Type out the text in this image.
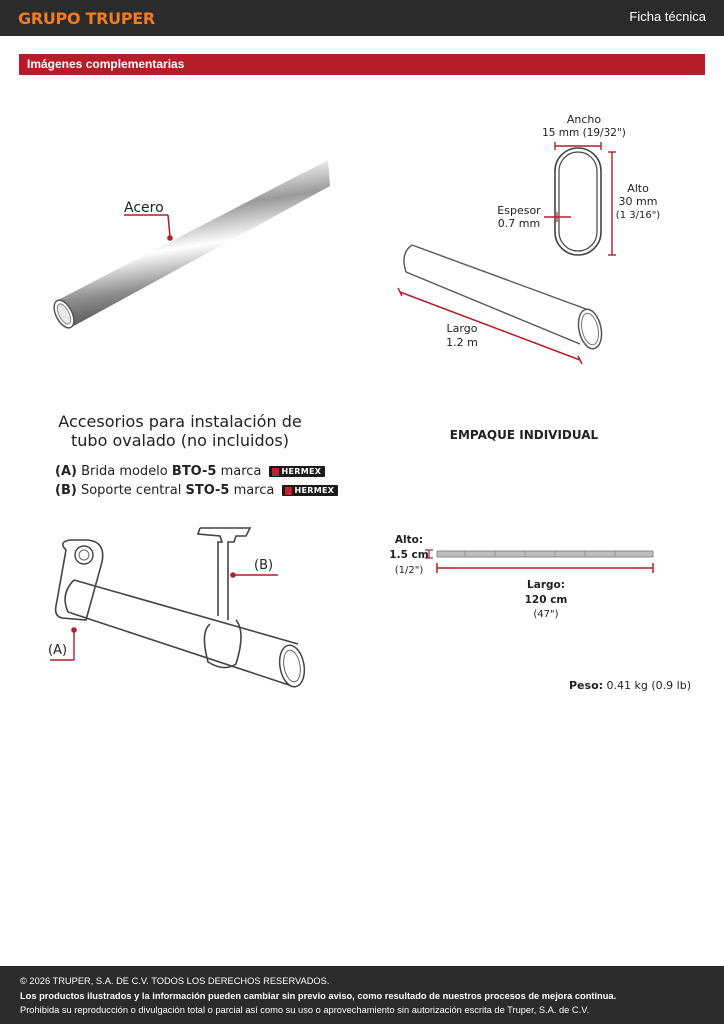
GRUPO TRUPER	Ficha técnica
Imágenes complementarias
Acero
Ancho
15 mm (19/32")
Alto
30 mm
(1 3/16")
Espesor
0.7 mm
Largo
1.2 m
Accesorios para instalación de
tubo ovalado (no incluidos)
(A) Brida modelo BTO-5 marca	HERMEX
(B) Soporte central STO-5 marca	HERMEX
(A)
(B)
EMPAQUE INDIVIDUAL
Alto:
1.5 cm
(1/2")
Largo:
120 cm
(47")
Peso: 0.41 kg (0.9 lb)
© 2026 TRUPER, S.A. DE C.V. TODOS LOS DERECHOS RESERVADOS.
Los productos ilustrados y la información pueden cambiar sin previo aviso, como resultado de nuestros procesos de mejora continua.
Prohibida su reproducción o divulgación total o parcial así como su uso o aprovechamiento sin autorización escrita de Truper, S.A. de C.V.
